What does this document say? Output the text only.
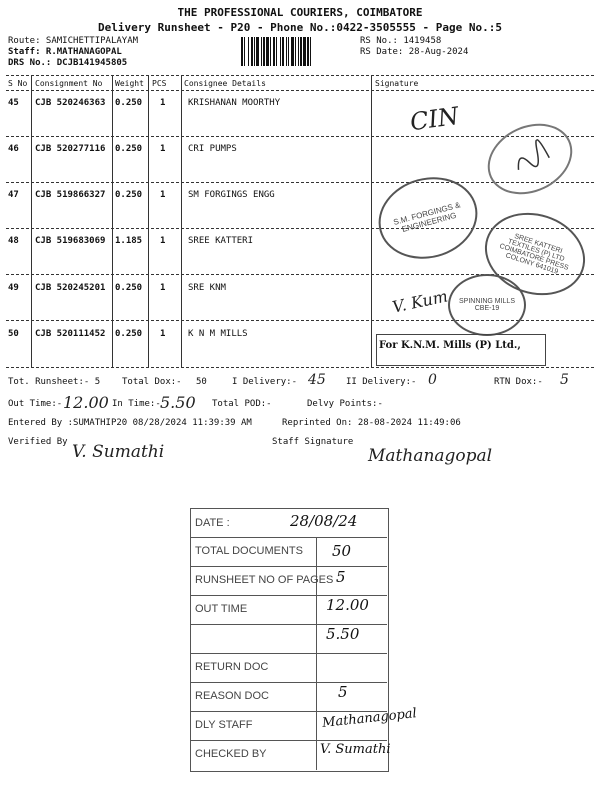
THE PROFESSIONAL COURIERS, COIMBATORE
Delivery Runsheet - P20 - Phone No.:0422-3505555 - Page No.:5
Route: SAMICHETTIPALAYAM
Staff: R.MATHANAGOPAL
DRS No.: DCJB141945805
RS No.: 1419458
RS Date: 28-Aug-2024
S No Consignment No Weight PCS Consignee Details	Signature
45 CJB 520246363 0.250 1	KRISHANAN MOORTHY	CIN
46 CJB 520277116 0.250 1	CRI PUMPS
47 CJB 519866327 0.250 1	SM FORGINGS ENGG
48 CJB 519683069 1.185 1	SREE KATTERI
49 CJB 520245201 0.250 1	SRE KNM	V. Kum
50 CJB 520111452 0.250 1	K N M MILLS
S.M. FORGINGS & ENGINEERING
SREE KATTERI TEXTILES (P) LTD COIMBATORE PRESS COLONY 641019
SPINNING MILLS CBE-19
For K.N.M. Mills (P) Ltd.,
Tot. Runsheet:- 5 Total Dox:- 50	I Delivery:- 45 II Delivery:- 0	RTN Dox:- 5
Out Time:- 12.00 In Time:- 5.50 Total POD:-	Delvy Points:-
Entered By :SUMATHIP20 08/28/2024 11:39:39 AM	Reprinted On: 28-08-2024 11:49:06
Verified By V. Sumathi	Staff Signature
Mathanagopal
DATE :	28/08/24
TOTAL DOCUMENTS 50
RUNSHEET NO OF PAGES 5
OUT TIME	12.00
5.50
RETURN DOC
REASON DOC	5
DLY STAFF	Mathanagopal
CHECKED BY	V. Sumathi
